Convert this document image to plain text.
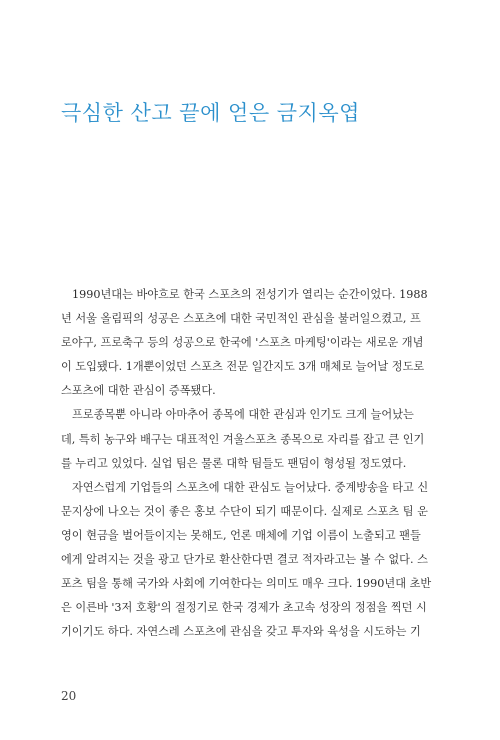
극심한 산고 끝에 얻은 금지옥엽
1990년대는 바야흐로 한국 스포츠의 전성기가 열리는 순간이었다. 1988
년 서울 올림픽의 성공은 스포츠에 대한 국민적인 관심을 불러일으켰고, 프
로야구, 프로축구 등의 성공으로 한국에 '스포츠 마케팅'이라는 새로운 개념
이 도입됐다. 1개뿐이었던 스포츠 전문 일간지도 3개 매체로 늘어날 정도로
스포츠에 대한 관심이 증폭됐다.
프로종목뿐 아니라 아마추어 종목에 대한 관심과 인기도 크게 늘어났는
데, 특히 농구와 배구는 대표적인 겨울스포츠 종목으로 자리를 잡고 큰 인기
를 누리고 있었다. 실업 팀은 물론 대학 팀들도 팬덤이 형성될 정도였다.
자연스럽게 기업들의 스포츠에 대한 관심도 늘어났다. 중계방송을 타고 신
문지상에 나오는 것이 좋은 홍보 수단이 되기 때문이다. 실제로 스포츠 팀 운
영이 현금을 벌어들이지는 못해도, 언론 매체에 기업 이름이 노출되고 팬들
에게 알려지는 것을 광고 단가로 환산한다면 결코 적자라고는 볼 수 없다. 스
포츠 팀을 통해 국가와 사회에 기여한다는 의미도 매우 크다. 1990년대 초반
은 이른바 '3저 호황'의 절정기로 한국 경제가 초고속 성장의 정점을 찍던 시
기이기도 하다. 자연스레 스포츠에 관심을 갖고 투자와 육성을 시도하는 기
20
